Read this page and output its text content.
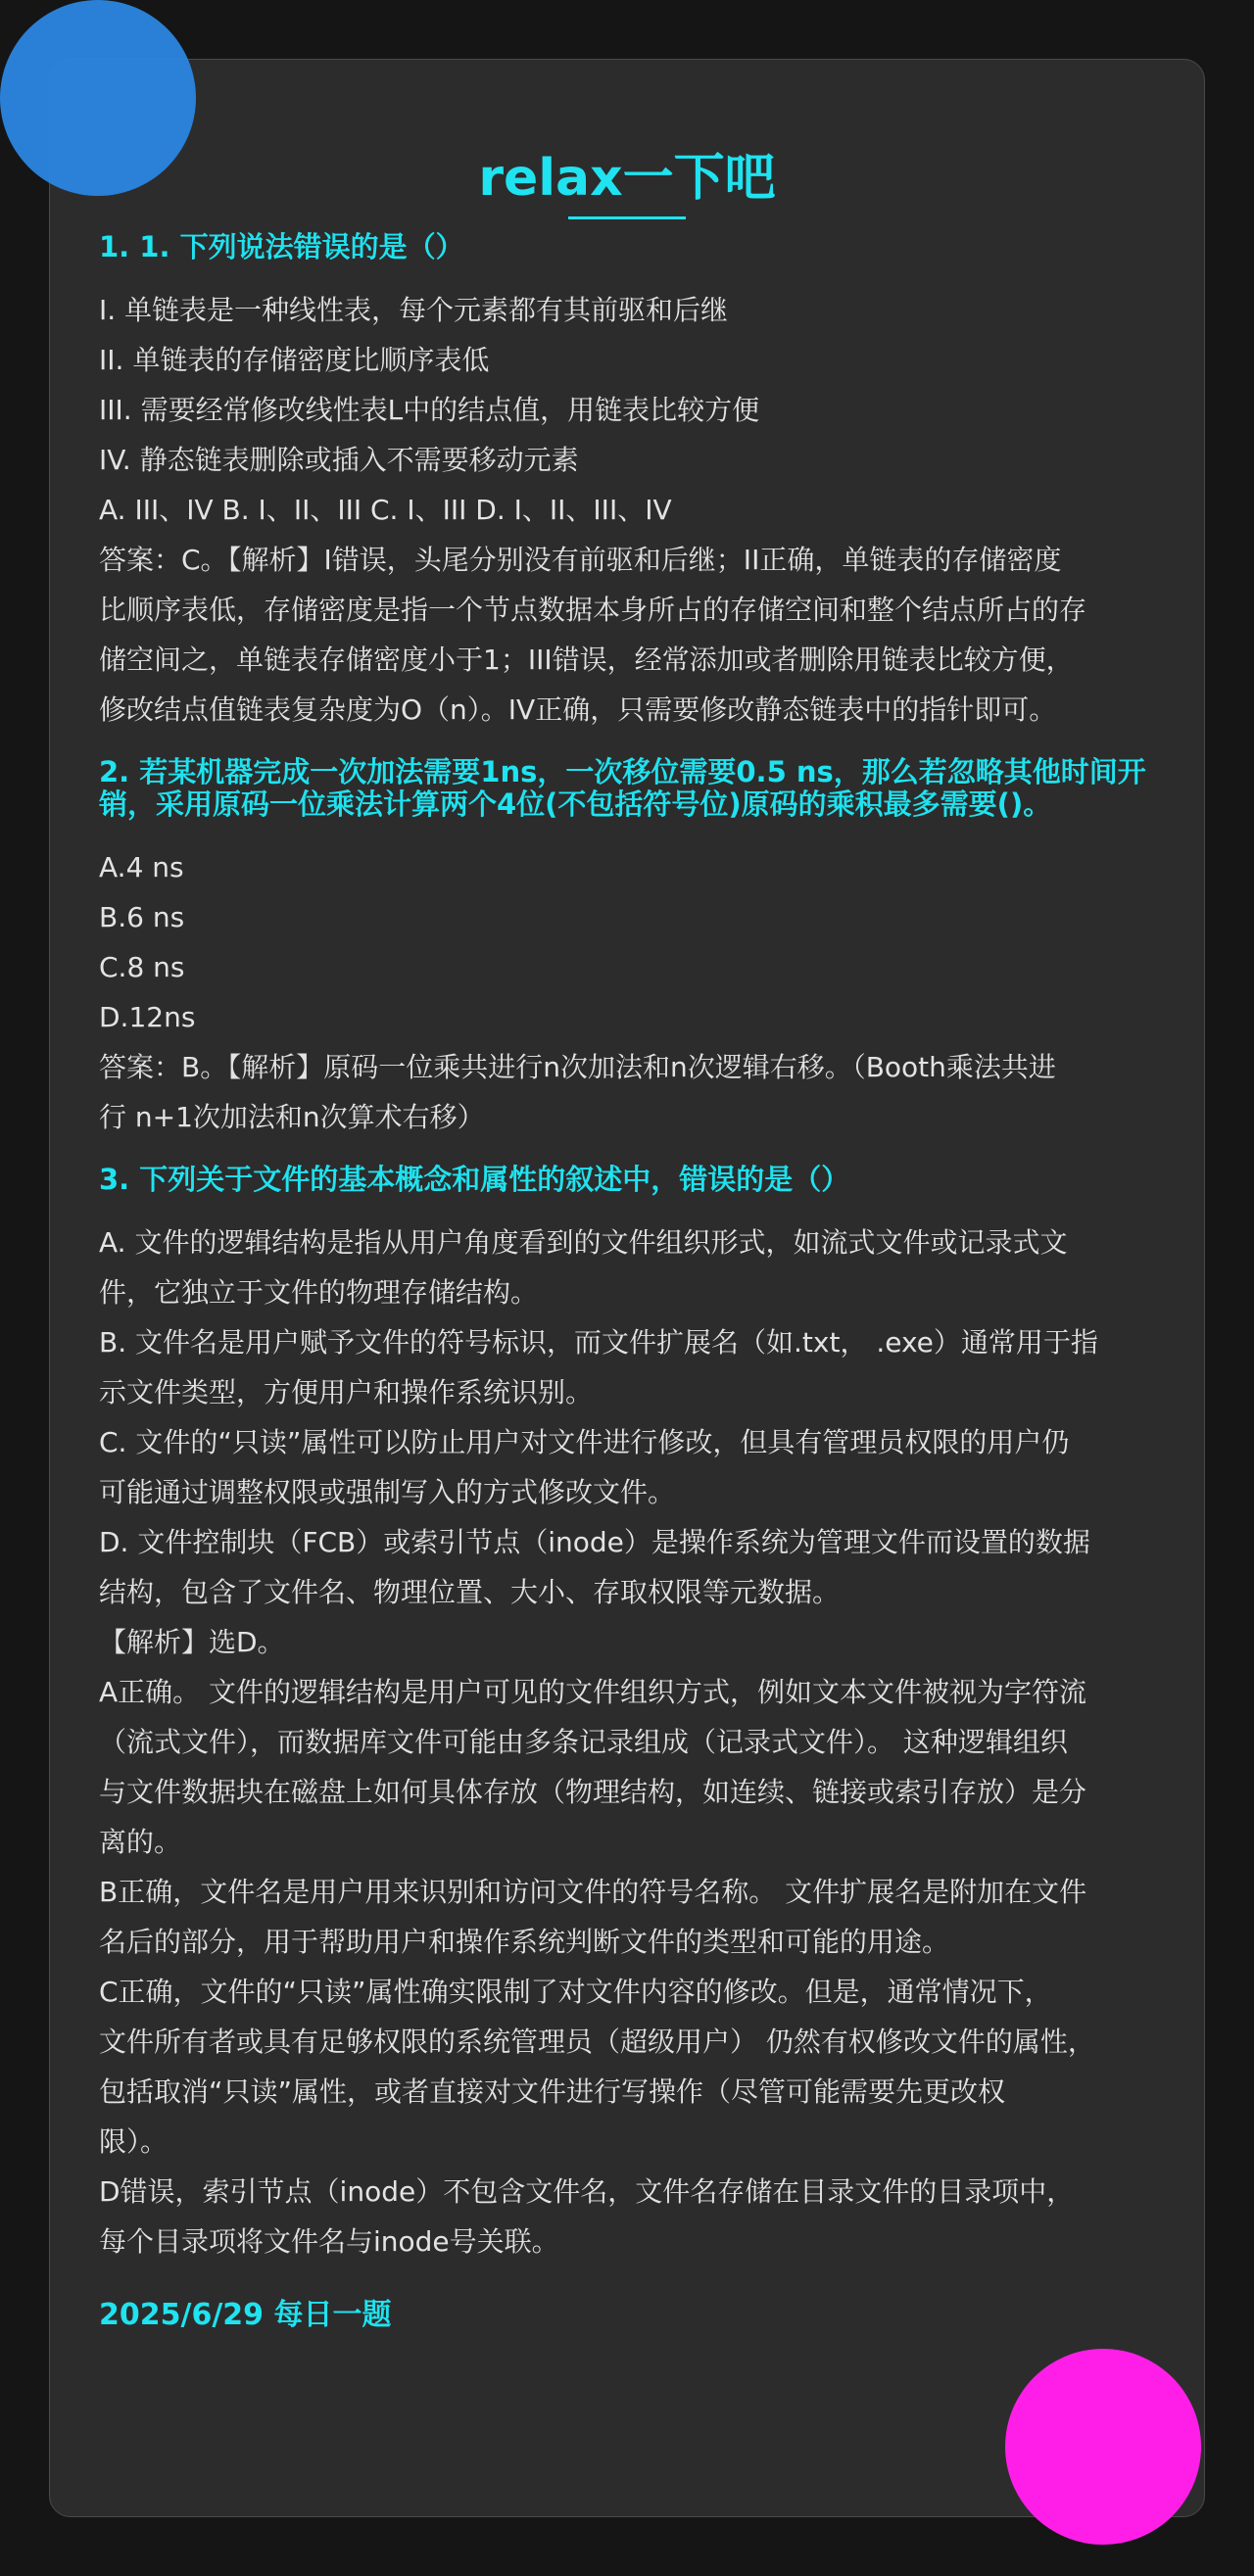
relax一下吧
1. 1. 下列说法错误的是（）

I. 单链表是一种线性表，每个元素都有其前驱和后继

II. 单链表的存储密度比顺序表低

III. 需要经常修改线性表L中的结点值，用链表比较方便

IV. 静态链表删除或插入不需要移动元素

A. III、IV B. I、II、III C. I、III D. I、II、III、IV

答案：C。【解析】I错误，头尾分别没有前驱和后继；II正确，单链表的存储密度

比顺序表低，存储密度是指一个节点数据本身所占的存储空间和整个结点所占的存

储空间之，单链表存储密度小于1；III错误，经常添加或者删除用链表比较方便，

修改结点值链表复杂度为O（n）。IV正确，只需要修改静态链表中的指针即可。

2. 若某机器完成一次加法需要1ns，一次移位需要0.5 ns，那么若忽略其他时间开销，采用原码一位乘法计算两个4位(不包括符号位)原码的乘积最多需要()。

A.4 ns

B.6 ns

C.8 ns

D.12ns

答案：B。【解析】原码一位乘共进行n次加法和n次逻辑右移。（Booth乘法共进

行 n+1次加法和n次算术右移）

3. 下列关于文件的基本概念和属性的叙述中，错误的是（）

A. 文件的逻辑结构是指从用户角度看到的文件组织形式，如流式文件或记录式文

件，它独立于文件的物理存储结构。

B. 文件名是用户赋予文件的符号标识，而文件扩展名（如.txt， .exe）通常用于指

示文件类型，方便用户和操作系统识别。

C. 文件的“只读”属性可以防止用户对文件进行修改，但具有管理员权限的用户仍

可能通过调整权限或强制写入的方式修改文件。

D. 文件控制块（FCB）或索引节点（inode）是操作系统为管理文件而设置的数据

结构，包含了文件名、物理位置、大小、存取权限等元数据。

【解析】选D。

A正确。 文件的逻辑结构是用户可见的文件组织方式，例如文本文件被视为字符流

（流式文件），而数据库文件可能由多条记录组成（记录式文件）。 这种逻辑组织

与文件数据块在磁盘上如何具体存放（物理结构，如连续、链接或索引存放）是分

离的。

B正确，文件名是用户用来识别和访问文件的符号名称。 文件扩展名是附加在文件

名后的部分，用于帮助用户和操作系统判断文件的类型和可能的用途。

C正确，文件的“只读”属性确实限制了对文件内容的修改。但是，通常情况下，

文件所有者或具有足够权限的系统管理员（超级用户） 仍然有权修改文件的属性，

包括取消“只读”属性，或者直接对文件进行写操作（尽管可能需要先更改权

限）。

D错误，索引节点（inode）不包含文件名，文件名存储在目录文件的目录项中，

每个目录项将文件名与inode号关联。

2025/6/29 每日一题
